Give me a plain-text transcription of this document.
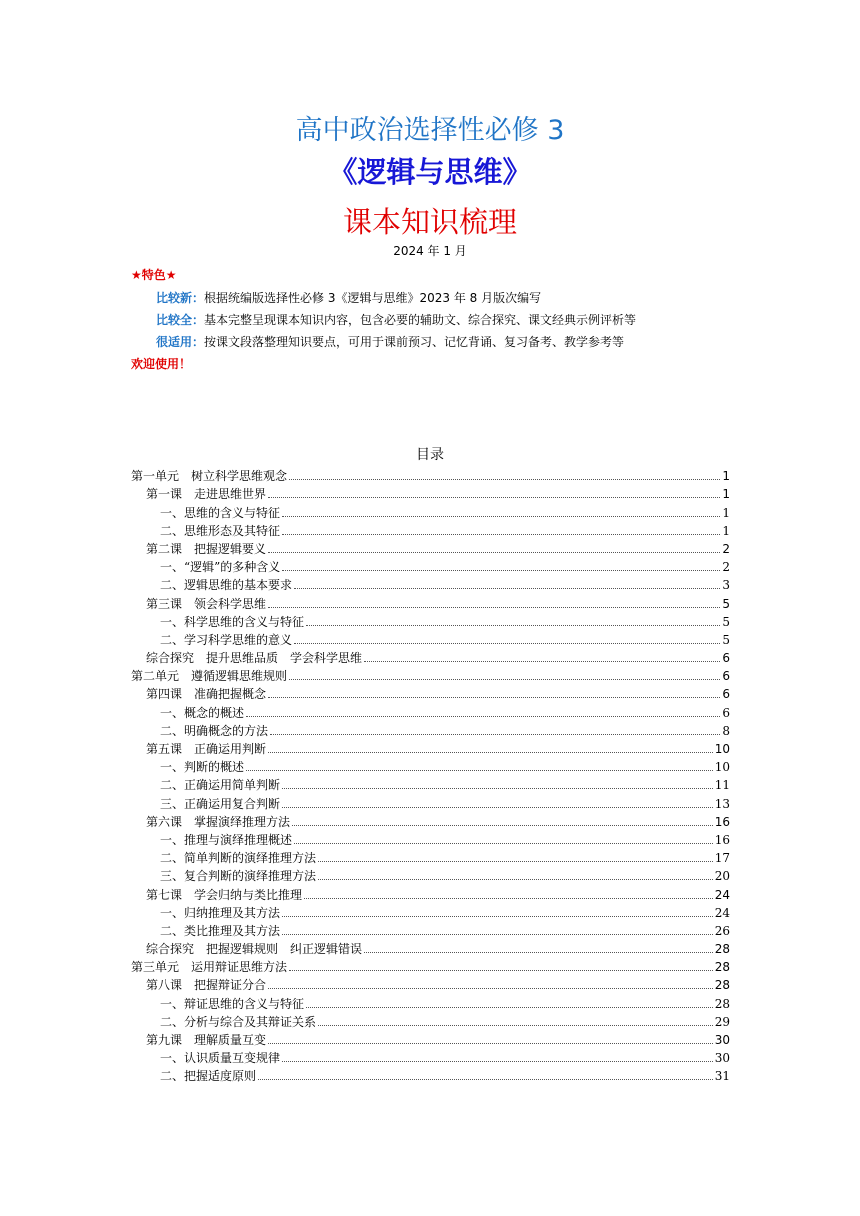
高中政治选择性必修 3
《逻辑与思维》
课本知识梳理
2024 年 1 月
★特色★
比较新：根据统编版选择性必修 3《逻辑与思维》2023 年 8 月版次编写
比较全：基本完整呈现课本知识内容，包含必要的辅助文、综合探究、课文经典示例评析等
很适用：按课文段落整理知识要点，可用于课前预习、记忆背诵、复习备考、教学参考等
欢迎使用！
目录
第一单元　树立科学思维观念	1
第一课　走进思维世界	1
一、思维的含义与特征	1
二、思维形态及其特征	1
第二课　把握逻辑要义	2
一、“逻辑”的多种含义	2
二、逻辑思维的基本要求	3
第三课　领会科学思维	5
一、科学思维的含义与特征	5
二、学习科学思维的意义	5
综合探究　提升思维品质　学会科学思维	6
第二单元　遵循逻辑思维规则	6
第四课　准确把握概念	6
一、概念的概述	6
二、明确概念的方法	8
第五课　正确运用判断	10
一、判断的概述	10
二、正确运用简单判断	11
三、正确运用复合判断	13
第六课　掌握演绎推理方法	16
一、推理与演绎推理概述	16
二、简单判断的演绎推理方法	17
三、复合判断的演绎推理方法	20
第七课　学会归纳与类比推理	24
一、归纳推理及其方法	24
二、类比推理及其方法	26
综合探究　把握逻辑规则　纠正逻辑错误	28
第三单元　运用辩证思维方法	28
第八课　把握辩证分合	28
一、辩证思维的含义与特征	28
二、分析与综合及其辩证关系	29
第九课　理解质量互变	30
一、认识质量互变规律	30
二、把握适度原则	31
